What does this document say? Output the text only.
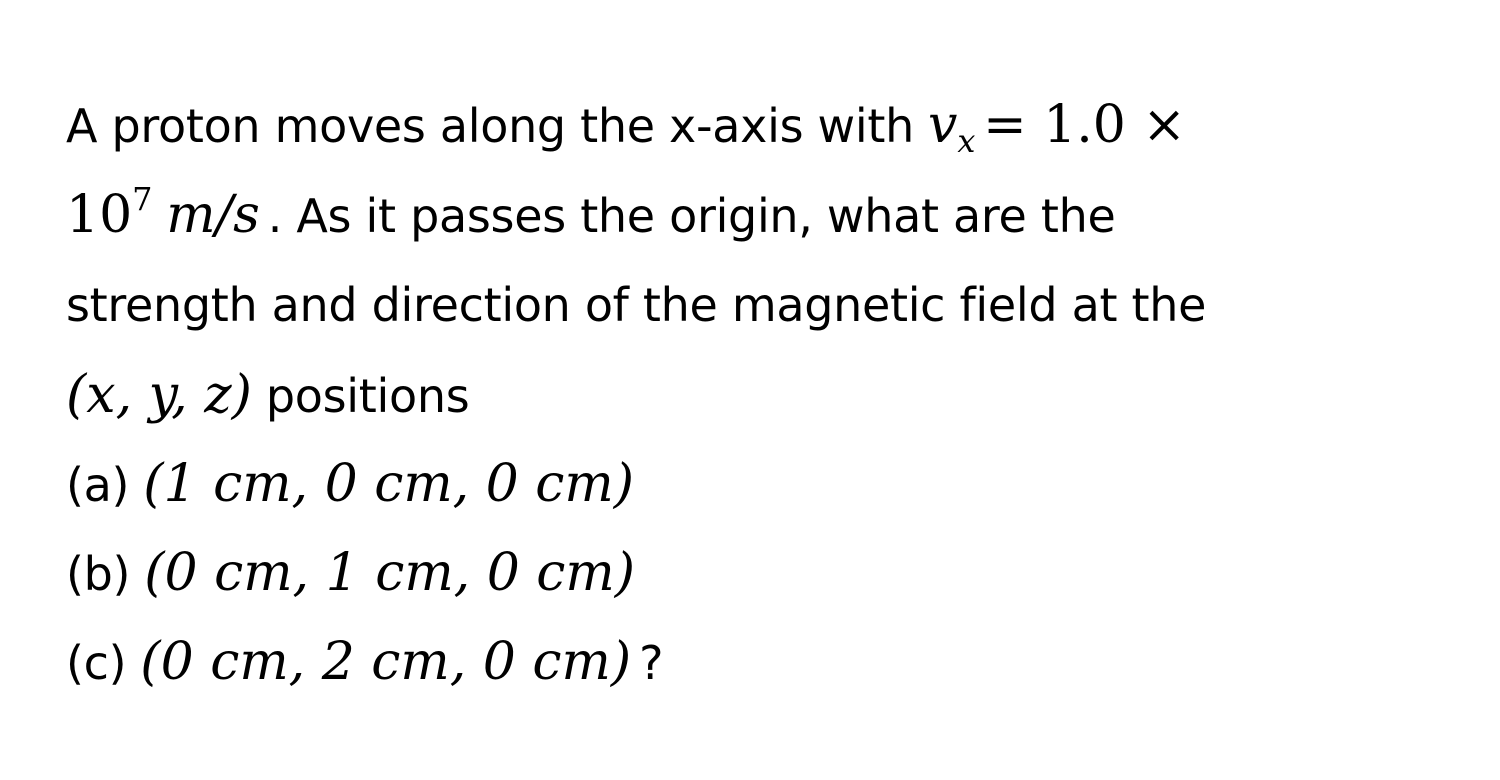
A proton moves along the x-axis with $v_x = 1.0$ ×
$10^7$ m/s . As it passes the origin, what are the
strength and direction of the magnetic field at the
(x, y, z) positions
(a) (1 cm, 0 cm, 0 cm)
(b) (0 cm, 1 cm, 0 cm)
(c) (0 cm, 2 cm, 0 cm) ?
